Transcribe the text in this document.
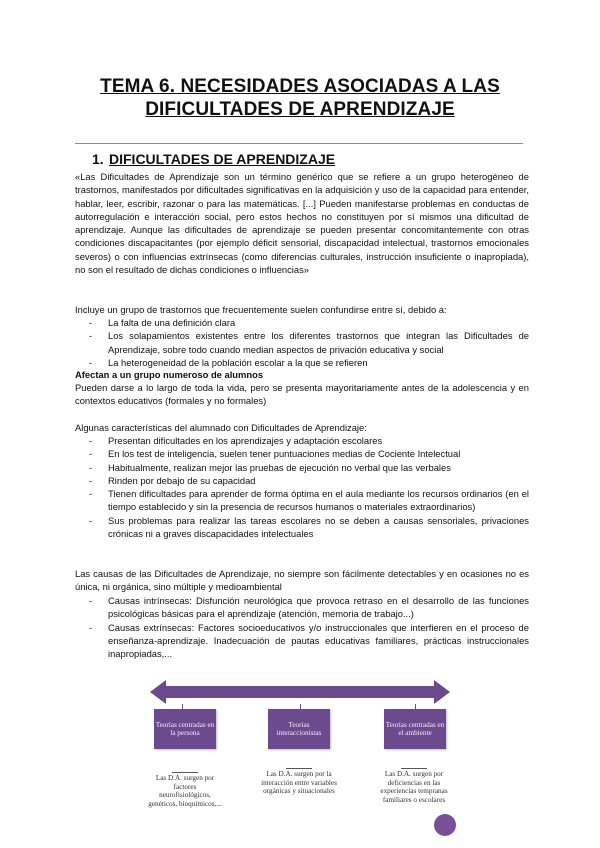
TEMA 6. NECESIDADES ASOCIADAS A LAS
DIFICULTADES DE APRENDIZAJE
1. DIFICULTADES DE APRENDIZAJE
«Las Dificultades de Aprendizaje son un término genérico que se refiere a un grupo heterogéneo de trastornos, manifestados por dificultades significativas en la adquisición y uso de la capacidad para entender, hablar, leer, escribir, razonar o para las matemáticas. [...] Pueden manifestarse problemas en conductas de autorregulación e interacción social, pero estos hechos no constituyen por sí mismos una dificultad de aprendizaje. Aunque las dificultades de aprendizaje se pueden presentar concomitantemente con otras condiciones discapacitantes (por ejemplo déficit sensorial, discapacidad intelectual, trastornos emocionales severos) o con influencias extrínsecas (como diferencias culturales, instrucción insuficiente o inapropiada), no son el resultado de dichas condiciones o influencias»
Incluye un grupo de trastornos que frecuentemente suelen confundirse entre sí, debido a:
- La falta de una definición clara
- Los solapamientos existentes entre los diferentes trastornos que integran las Dificultades de Aprendizaje, sobre todo cuando median aspectos de privación educativa y social
- La heterogeneidad de la población escolar a la que se refieren
Afectan a un grupo numeroso de alumnos
Pueden darse a lo largo de toda la vida, pero se presenta mayoritariamente antes de la adolescencia y en contextos educativos (formales y no formales)
Algunas características del alumnado con Dificultades de Aprendizaje:
- Presentan dificultades en los aprendizajes y adaptación escolares
- En los test de inteligencia, suelen tener puntuaciones medias de Cociente Intelectual
- Habitualmente, realizan mejor las pruebas de ejecución no verbal que las verbales
- Rinden por debajo de su capacidad
- Tienen dificultades para aprender de forma óptima en el aula mediante los recursos ordinarios (en el tiempo establecido y sin la presencia de recursos humanos o materiales extraordinarios)
- Sus problemas para realizar las tareas escolares no se deben a causas sensoriales, privaciones crónicas ni a graves discapacidades intelectuales
Las causas de las Dificultades de Aprendizaje, no siempre son fácilmente detectables y en ocasiones no es única, ni orgánica, sino múltiple y medioambiental
- Causas intrínsecas: Disfunción neurológica que provoca retraso en el desarrollo de las funciones psicológicas básicas para el aprendizaje (atención, memoria de trabajo...)
- Causas extrínsecas: Factores socioeducativos y/o instruccionales que interfieren en el proceso de enseñanza-aprendizaje. Inadecuación de pautas educativas familiares, prácticas instruccionales inapropiadas,...
Teorías centradas en la persona
Teorías interaccionistas
Teorías centradas en el ambiente
Las D.A. surgen por factores neurofisiológicos, genéticos, bioquímicos,...
Las D.A. surgen por la interacción entre variables orgánicas y situacionales
Las D.A. surgen por deficiencias en las experiencias tempranas familiares o escolares
